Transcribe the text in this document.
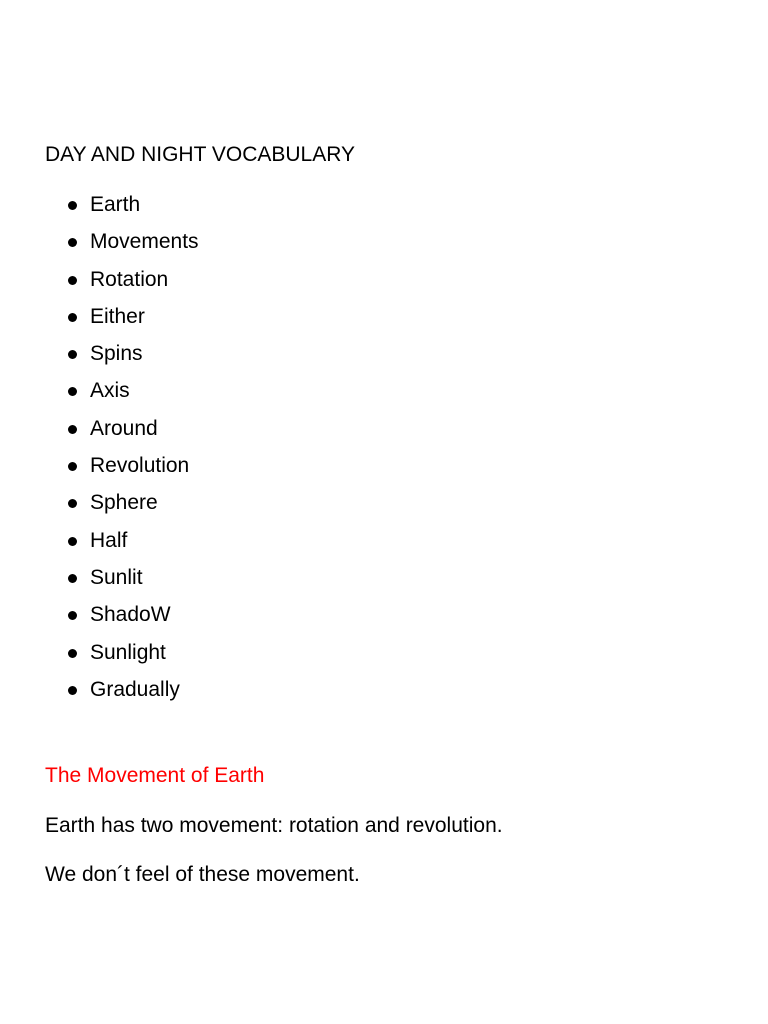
DAY AND NIGHT VOCABULARY
Earth
Movements
Rotation
Either
Spins
Axis
Around
Revolution
Sphere
Half
Sunlit
ShadoW
Sunlight
Gradually
The Movement of Earth
Earth has two movement: rotation and revolution.
We don´t feel of these movement.
